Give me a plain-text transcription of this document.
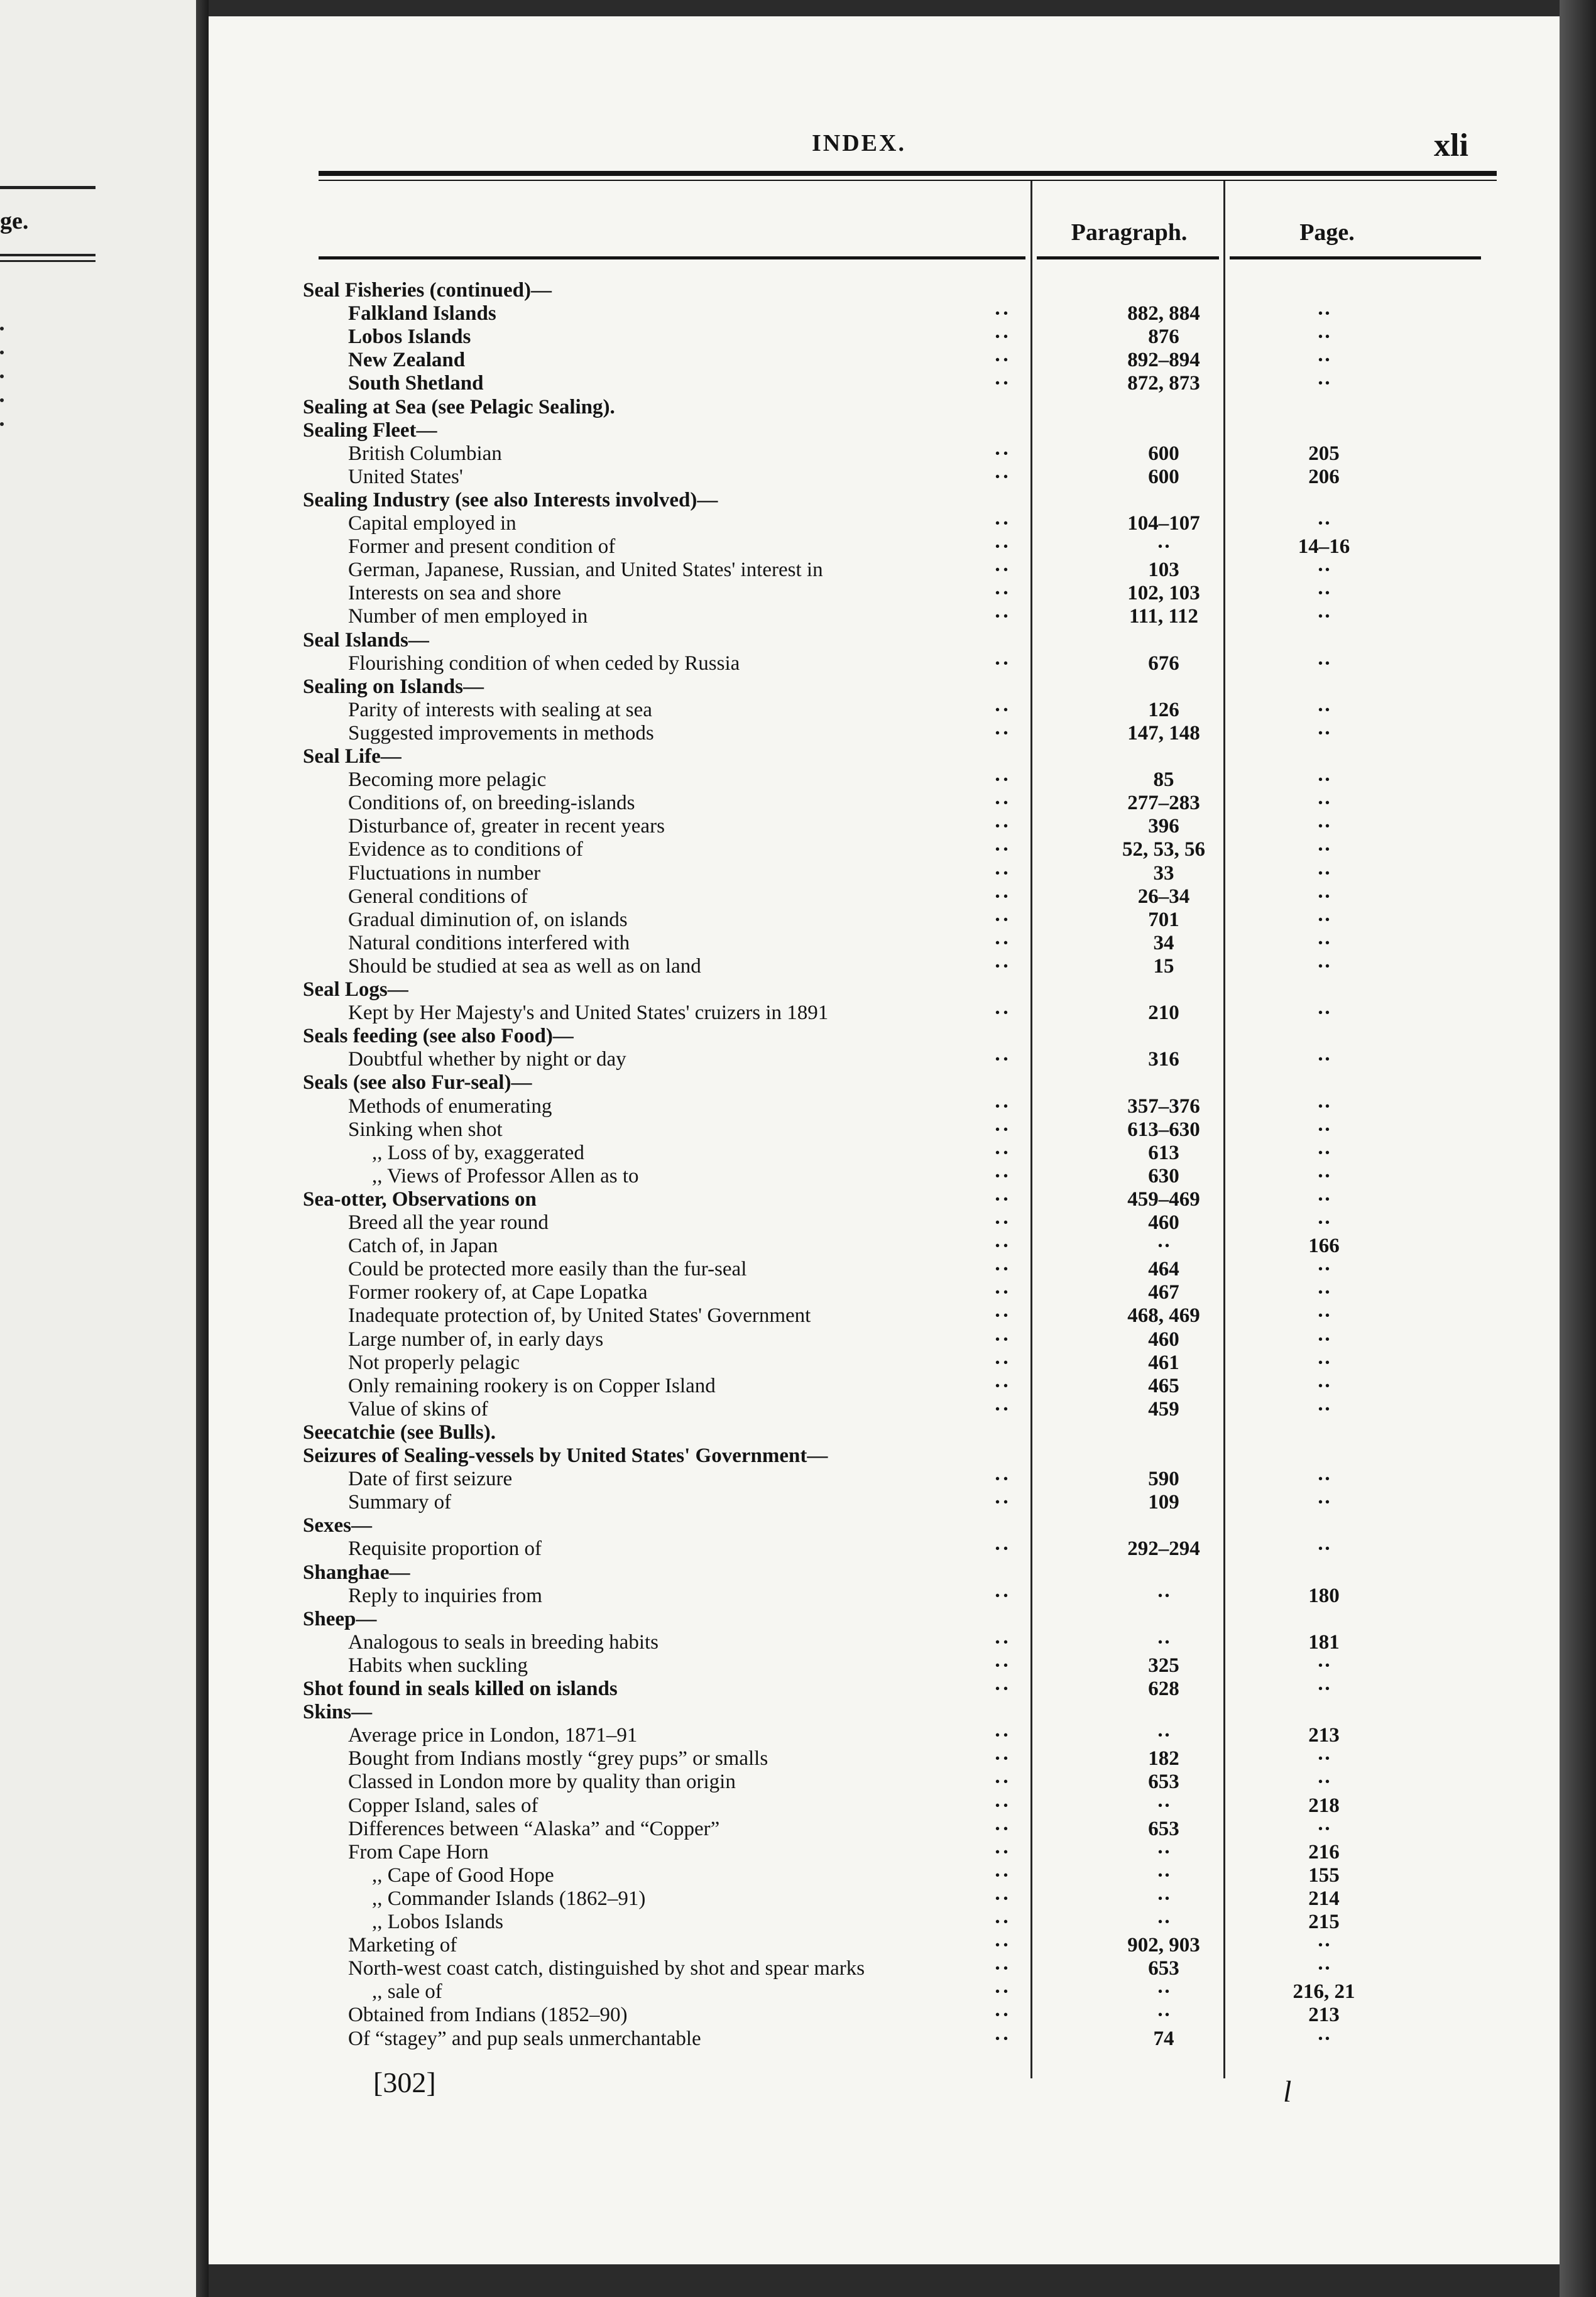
ge.
INDEX.	xli
Paragraph.	Page.
Seal Fisheries (continued)—
Falkland Islands	··	882, 884	··
Lobos Islands	··	876	··
New Zealand	··	892–894	··
South Shetland	··	872, 873	··
Sealing at Sea (see Pelagic Sealing).
Sealing Fleet—
British Columbian	··	600	205
United States'	··	600	206
Sealing Industry (see also Interests involved)—
Capital employed in	··	104–107	··
Former and present condition of	··	··	14–16
German, Japanese, Russian, and United States' interest in	··	103	··
Interests on sea and shore	··	102, 103	··
Number of men employed in	··	111, 112	··
Seal Islands—
Flourishing condition of when ceded by Russia	··	676	··
Sealing on Islands—
Parity of interests with sealing at sea	··	126	··
Suggested improvements in methods	··	147, 148	··
Seal Life—
Becoming more pelagic	··	85	··
Conditions of, on breeding-islands	··	277–283	··
Disturbance of, greater in recent years	··	396	··
Evidence as to conditions of	··	52, 53, 56	··
Fluctuations in number	··	33	··
General conditions of	··	26–34	··
Gradual diminution of, on islands	··	701	··
Natural conditions interfered with	··	34	··
Should be studied at sea as well as on land	··	15	··
Seal Logs—
Kept by Her Majesty's and United States' cruizers in 1891	··	210	··
Seals feeding (see also Food)—
Doubtful whether by night or day	··	316	··
Seals (see also Fur-seal)—
Methods of enumerating	··	357–376	··
Sinking when shot	··	613–630	··
,, Loss of by, exaggerated	··	613	··
,, Views of Professor Allen as to	··	630	··
Sea-otter, Observations on	··	459–469	··
Breed all the year round	··	460	··
Catch of, in Japan	··	··	166
Could be protected more easily than the fur-seal	··	464	··
Former rookery of, at Cape Lopatka	··	467	··
Inadequate protection of, by United States' Government	··	468, 469	··
Large number of, in early days	··	460	··
Not properly pelagic	··	461	··
Only remaining rookery is on Copper Island	··	465	··
Value of skins of	··	459	··
Seecatchie (see Bulls).
Seizures of Sealing-vessels by United States' Government—
Date of first seizure	··	590	··
Summary of	··	109	··
Sexes—
Requisite proportion of	··	292–294	··
Shanghae—
Reply to inquiries from	··	··	180
Sheep—
Analogous to seals in breeding habits	··	··	181
Habits when suckling	··	325	··
Shot found in seals killed on islands	··	628	··
Skins—
Average price in London, 1871–91	··	··	213
Bought from Indians mostly “grey pups” or smalls	··	182	··
Classed in London more by quality than origin	··	653	··
Copper Island, sales of	··	··	218
Differences between “Alaska” and “Copper”	··	653	··
From Cape Horn	··	··	216
,, Cape of Good Hope	··	··	155
,, Commander Islands (1862–91)	··	··	214
,, Lobos Islands	··	··	215
Marketing of	··	902, 903	··
North-west coast catch, distinguished by shot and spear marks	··	653	··
,, sale of	··	··	216, 21
Obtained from Indians (1852–90)	··	··	213
Of “stagey” and pup seals unmerchantable	··	74	··
[302]	l
